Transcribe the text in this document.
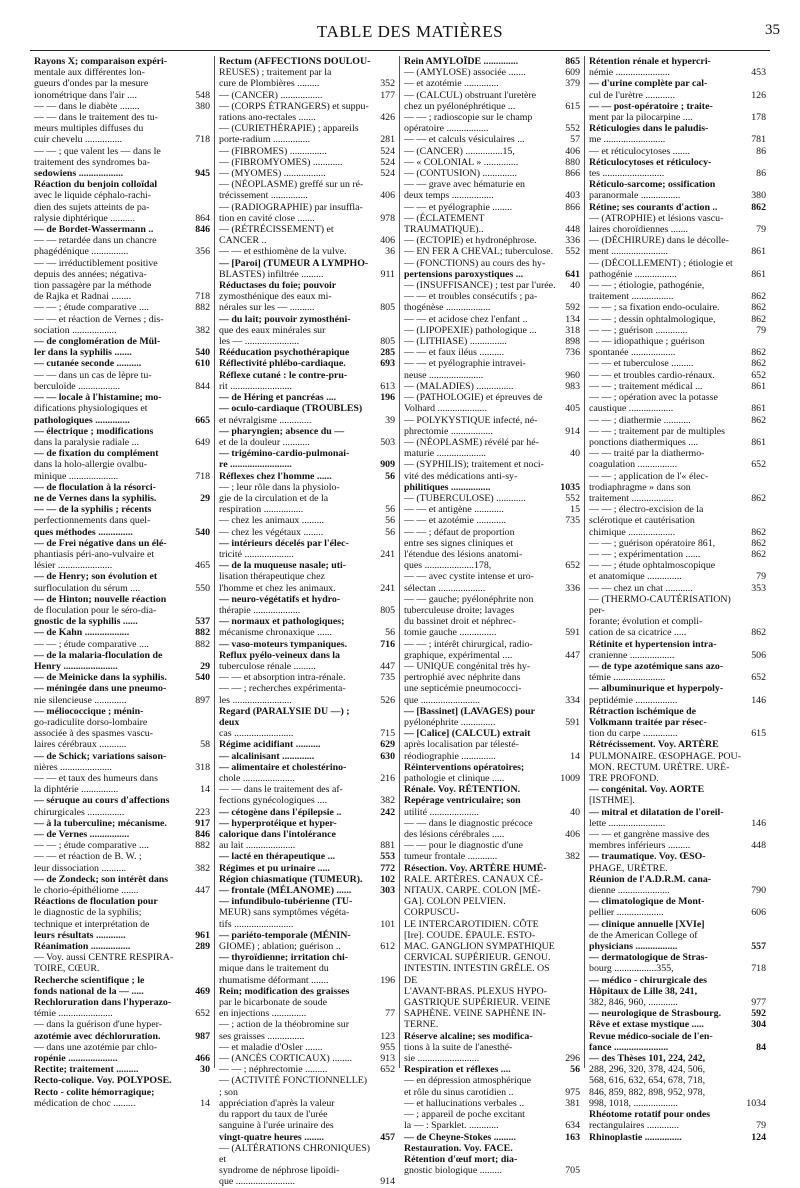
TABLE DES MATIÈRES	35
Rayons X; comparaison expéri-
mentale aux différentes lon-
gueurs d'ondes par la mesure
ionométrique dans l'air ....	548
— — dans le diabète ........	380
— — dans le traitement des tu-
meurs multiples diffuses du
cuir chevelu ...............	718
— — ; que valent les — dans le
traitement des syndromes ba-
sedowiens ..................	945
Réaction du benjoin colloïdal
avec le liquide céphalo-rachi-
dien des sujets atteints de pa-
ralysie diphtérique ..........	864
— de Bordet-Wassermann ..	846
— — retardée dans un chancre
phagédénique ...............	356
— — irréductiblement positive
depuis des années; négativa-
tion passagère par la méthode
de Rajka et Radnai ........	718
— — ; étude comparative ....	882
— — et réaction de Vernes ; dis-
sociation ..................	382
— de conglomération de Mül-
ler dans la syphilis .......	540
— cutanée seconde ..........	610
— — dans un cas de lèpre tu-
berculoïde .................	844
— — locale à l'histamine; mo-
difications physiologiques et
pathologiques ..............	665
— électrique ; modifications
dans la paralysie radiale ...	649
— de fixation du complément
dans la holo-allergie ovalbu-
minique ....................	718
— de floculation à la résorci-
ne de Vernes dans la syphilis.	29
— — de la syphilis ; récents
perfectionnements dans quel-
ques méthodes ..............	540
— de Frei négative dans un élé-
phantiasis péri-ano-vulvaire et
lésier ......................	465
— de Henry; son évolution et
surfloculation du sérum ....	550
— de Hinton; nouvelle réaction
de floculation pour le séro-dia-
gnostic de la syphilis ......	537
— de Kahn ..................	882
— — ; étude comparative ....	882
— de la malaria-floculation de
Henry ......................	29
— de Meinicke dans la syphilis.	540
— méningée dans une pneumo-
nie silencieuse .............	897
— méliococcique ; ménin-
go-radiculite dorso-lombaire
associée à des spasmes vascu-
laires cérébraux ...........	58
— de Schick; variations saison-
nières .....................	318
— — et taux des humeurs dans
la diphtérie ...............	14
— séruque au cours d'affections
chirurgicales ...............	223
— à la tuberculine; mécanisme.	917
— de Vernes ................	846
— — ; étude comparative ....	882
— — et réaction de B. W. ;
leur dissociation ..........	382
— de Zondeck; son intérêt dans
le chorio-épithéliome .......	447
Réactions de floculation pour
le diagnostic de la syphilis;
technique et interprétation de
leurs résultats ............	961
Réanimation ................	289
— Voy. aussi CENTRE RESPIRA-
TOIRE, CŒUR.
Recherche scientifique ; le
fonds national de la — .....	469
Rechloruration dans l'hyperazo-
témie ......................	652
— dans la guérison d'une hyper-
azotémie avec déchloruration.	987
— dans une azotémie par chlo-
ropénie ....................	466
Rectite; traitement .........	30
Recto-colique. Voy. POLYPOSE.
Recto - colite hémorragique;
médication de choc .........	14
Rectum (AFFECTIONS DOULOU-
REUSES) ; traitement par la
cure de Plombières .........	352
— (CANCER) .................	177
— (CORPS ÉTRANGERS) et suppu-
rations ano-rectales .......	426
— (CURIETHÉRAPIE) ; appareils
porte-radium ...............	281
— (FIBROMES) ...............	524
— (FIBROMYOMES) ............	524
— (MYOMES) .................	524
— (NÉOPLASME) greffé sur un ré-
trécissement ...............	406
— (RADIOGRAPHIE) par insuffla-
tion en cavité close .......	978
— (RÉTRÉCISSEMENT) et CANCER ..	406
— — et esthiomène de la vulve.	36
— [Paroi] (TUMEUR A LYMPHO-
BLASTES) infiltrée .........	911
Réductases du foie; pouvoir
zymosthénique des eaux mi-
nérales sur les — ..........	805
— du lait; pouvoir zymosthéni-
que des eaux minérales sur
les — ......................	805
Rééducation psychothérapique	285
Réflectivité phlébo-cardiaque.	693
Réflexe cutané : le contre-pru-
rit .........................	613
— de Héring et pancréas ....	196
— oculo-cardiaque (TROUBLES)
et névralgisme .............	39
— pharyngien; absence du —
et de la douleur ...........	503
— trigémino-cardio-pulmonai-
re .........................	909
Réflexes chez l'homme ......	56
— ; leur rôle dans la physiolo-
gie de la circulation et de la
respiration ................	56
— chez les animaux .........	56
— chez les végétaux ........	56
— intérieurs décelés par l'élec-
tricité ....................	241
— de la muqueuse nasale; uti-
lisation thérapeutique chez
l'homme et chez les animaux.	241
— neuro-végétatifs et hydro-
thérapie ...................	805
— normaux et pathologiques;
mécanisme chronaxique ......	56
— vaso-moteurs tympaniques.	716
Reflux pyélo-veineux dans la
tuberculose rénale .........	447
— — et absorption intra-rénale.	735
— — ; recherches expérimenta-
les ........................	526
Regard (PARALYSIE DU —) ; deux
cas ........................	715
Régime acidifiant ..........	629
— alcalinisant .............	630
— alimentaire et cholestérino-
chole .....................	216
— — dans le traitement des af-
fections gynécologiques ....	382
— cétogène dans l'épilepsie ..	242
— hyperprotéique et hyper-
calorique dans l'intolérance
au lait ....................	881
— lacté en thérapeutique ...	553
Régimes et pu urinaire .....	772
Région chiasmatique (TUMEUR).	102
— frontale (MÉLANOME) ......	303
— infundibulo-tubérienne (TU-
MEUR) sans symptômes végéta-
tifs ........................	101
— pariéto-temporale (MÉNIN-
GIOME) ; ablation; guérison ..	612
— thyroïdienne; irritation chi-
mique dans le traitement du
rhumatisme déformant .......	196
Rein; modification des graisses
par le bicarbonate de soude
en injections ..............	77
— ; action de la théobromine sur
ses graisses ...............	123
— et maladie d'Osler .......	955
— (ANCÈS CORTICAUX) ........	913
— — ; néphrectomie .........	652
— (ACTIVITÉ FONCTIONNELLE) ; son
appréciation d'après la valeur
du rapport du taux de l'urée
sanguine à l'urée urinaire des
vingt-quatre heures ........	457
— (ALTÉRATIONS CHRONIQUES) et
syndrome de néphrose lipoïdi-
que ........................	914
Rein AMYLOÏDE ..............	865
— (AMYLOSE) associée .......	609
— et azotémie ..............	379
— (CALCUL) obstruant l'uretère
chez un pyélonéphrétique ...	615
— — ; radioscopie sur le champ
opératoire .................	552
— — et calculs vésiculaires ...	57
— (CANCER) ...............15,	406
— « COLONIAL » ..............	880
— (CONTUSION) ..............	866
— — grave avec hématurie en
deux temps .................	403
— — et pyélographie ........	866
— (ÉCLATEMENT TRAUMATIQUE)..	448
— (ECTOPIE) et hydronéphrose.	336
— EN FER A CHEVAL; tuberculose.	552
— (FONCTIONS) au cours des hy-
pertensions paroxystiques ...	641
— (INSUFFISANCE) ; test par l'urée.	40
— — et troubles consécutifs ; pa-
thogénèse ..................	592
— — et acidose chez l'enfant ..	134
— (LIPOPEXIE) pathologique ...	318
— (LITHIASE) ...............	898
— — et faux iléus ..........	736
— — et pyélographie intravei-
neuse ......................	960
— (MALADIES) ...............	983
— (PATHOLOGIE) et épreuves de
Volhard ....................	405
— POLYKYSTIQUE infecté, né-
phrectomie .................	914
— (NÉOPLASME) révélé par hé-
maturie ....................	40
— (SYPHILIS); traitement et noci-
vité des médications anti-sy-
philitiques ................	1035
— (TUBERCULOSE) ............	552
— — et antigène ............	15
— — et azotémie ............	735
— — ; défaut de proportion
entre ses signes cliniques et
l'étendue des lésions anatomi-
ques ....................178,	652
— — avec cystite intense et uro-
sélectan ...................	336
— — gauche; pyélonéphrite non
tuberculeuse droite; lavages
du bassinet droit et néphrec-
tomie gauche ...............	591
— — ; intérêt chirurgical, radio-
graphique, expérimental ....	447
— UNIQUE congénital très hy-
pertrophié avec néphrite dans
une septicémie pneumococci-
que ........................	334
— [Bassinet] (LAVAGES) pour
pyélonéphrite ..............	591
— [Calice] (CALCUL) extrait
après localisation par télesté-
réodiographie ..............	14
Réinterventions opératoires;
pathologie et clinique .....	1009
Rénale. Voy. RÉTENTION.
Repérage ventriculaire; son
utilité ....................	40
— — dans le diagnostic précoce
des lésions cérébrales .....	406
— — pour le diagnostic d'une
tumeur frontale ............	382
Résection. Voy. ARTÈRE HUMÉ-
RALE. ARTÈRES. CANAUX CÉ-
NITAUX. CARPE. COLON [MÉ-
GA]. COLON PELVIEN. CORPUSCU-
LE INTERCAROTIDIEN. CÔTE
[Ire]. COUDE. ÉPAULE. ESTO-
MAC. GANGLION SYMPATHIQUE
CERVICAL SUPÉRIEUR. GENOU.
INTESTIN. INTESTIN GRÊLE. OS DE
L'AVANT-BRAS. PLEXUS HYPO-
GASTRIQUE SUPÉRIEUR. VEINE
SAPHÈNE. VEINE SAPHÈNE IN-
TERNE.
Réserve alcaline; ses modifica-
tions à la suite de l'anesthé-
sie .........................	296
Respiration et réflexes ....	56
— en dépression atmosphérique
et rôle du sinus carotidien ..	975
— et hallucinations verbales ..	381
— ; appareil de poche excitant
la — : Sparklet. ............	634
— de Cheyne-Stokes .........	163
Restauration. Voy. FACE.
Rétention d'œuf mort; dia-
gnostic biologique .........	705
Rétention rénale et hypercri-
némie ......................	453
— d'urine complète par cal-
cul de l'urètre ............	126
— — post-opératoire ; traite-
ment par la pilocarpine ....	178
Réticulogies dans le paludis-
me .........................	781
— et réticulocytoses .......	86
Réticulocytoses et réticulocy-
tes .........................	86
Réticulo-sarcome; ossification
paranormale ................	380
Rétine; ses courants d'action ..	862
— (ATROPHIE) et lésions vascu-
laires choroïdiennes .......	79
— (DÉCHIRURE) dans le décolle-
ment .......................	861
— (DÉCOLLEMENT) ; étiologie et
pathogénie .................	861
— — ; étiologie, pathogénie,
traitement .................	862
— — ; sa fixation endo-oculaire.	862
— — ; dessin ophtalmologique,	862
— — ; guérison .............	79
— — idiopathique ; guérison
spontanée ..................	862
— — et tuberculose .........	862
— — et troubles cardio-rénaux.	652
— — ; traitement médical ...	861
— — ; opération avec la potasse
caustique ..................	861
— — ; diathermie ...........	862
— — ; traitement par de multiples
ponctions diathermiques ....	861
— — traité par la diathermo-
coagulation ................	652
— — ; application de l'« élec-
trodiaphragme » dans son
traitement .................	862
— — ; électro-excision de la
sclérotique et cautérisation
chimique ...................	862
— — ; guérison opératoire 861,	862
— — ; expérimentation ......	862
— — ; étude ophtalmoscopique
et anatomique ..............	79
— — chez un chat ...........	353
— (THERMO-CAUTÉRISATION) per-
forante; évolution et compli-
cation de sa cicatrice .....	862
Rétinite et hypertension intra-
cranienne ..................	506
— de type azotémique sans azo-
témie .....................	652
— albuminurique et hyperpoly-
peptidémie .................	146
Rétraction ischémique de
Volkmann traitée par résec-
tion du carpe ..............	615
Rétrécissement. Voy. ARTÈRE
PULMONAIRE. ŒSOPHAGE. POU-
MON. RECTUM. URÈTRE. URÈ-
TRE PROFOND.
— congénital. Voy. AORTE
[ISTHME].
— mitral et dilatation de l'oreil-
lette .......................	146
— — et gangrène massive des
membres inférieurs .........	448
— traumatique. Voy. ŒSO-
PHAGE, URÈTRE.
Réunion de l'A.D.R.M. cana-
dienne .....................	790
— climatologique de Mont-
pellier ...................	606
— clinique annuelle [XVIe]
de the American College of
physicians .................	557
— dermatologique de Stras-
bourg .................355,	718
— médico - chirurgicale des
Hôpitaux de Lille 38, 241,
382, 846, 960, ............	977
— neurologique de Strasbourg.	592
Rêve et extase mystique .....	304
Revue médico-sociale de l'en-
fance ......................	84
— des Thèses 101, 224, 242,
288, 296, 320, 378, 424, 506,
568, 616, 632, 654, 678, 718,
846, 859, 882, 898, 952, 978,
998, 1018, ..................	1034
Rhéotome rotatif pour ondes
rectangulaires .............	79
Rhinoplastie ...............	124
